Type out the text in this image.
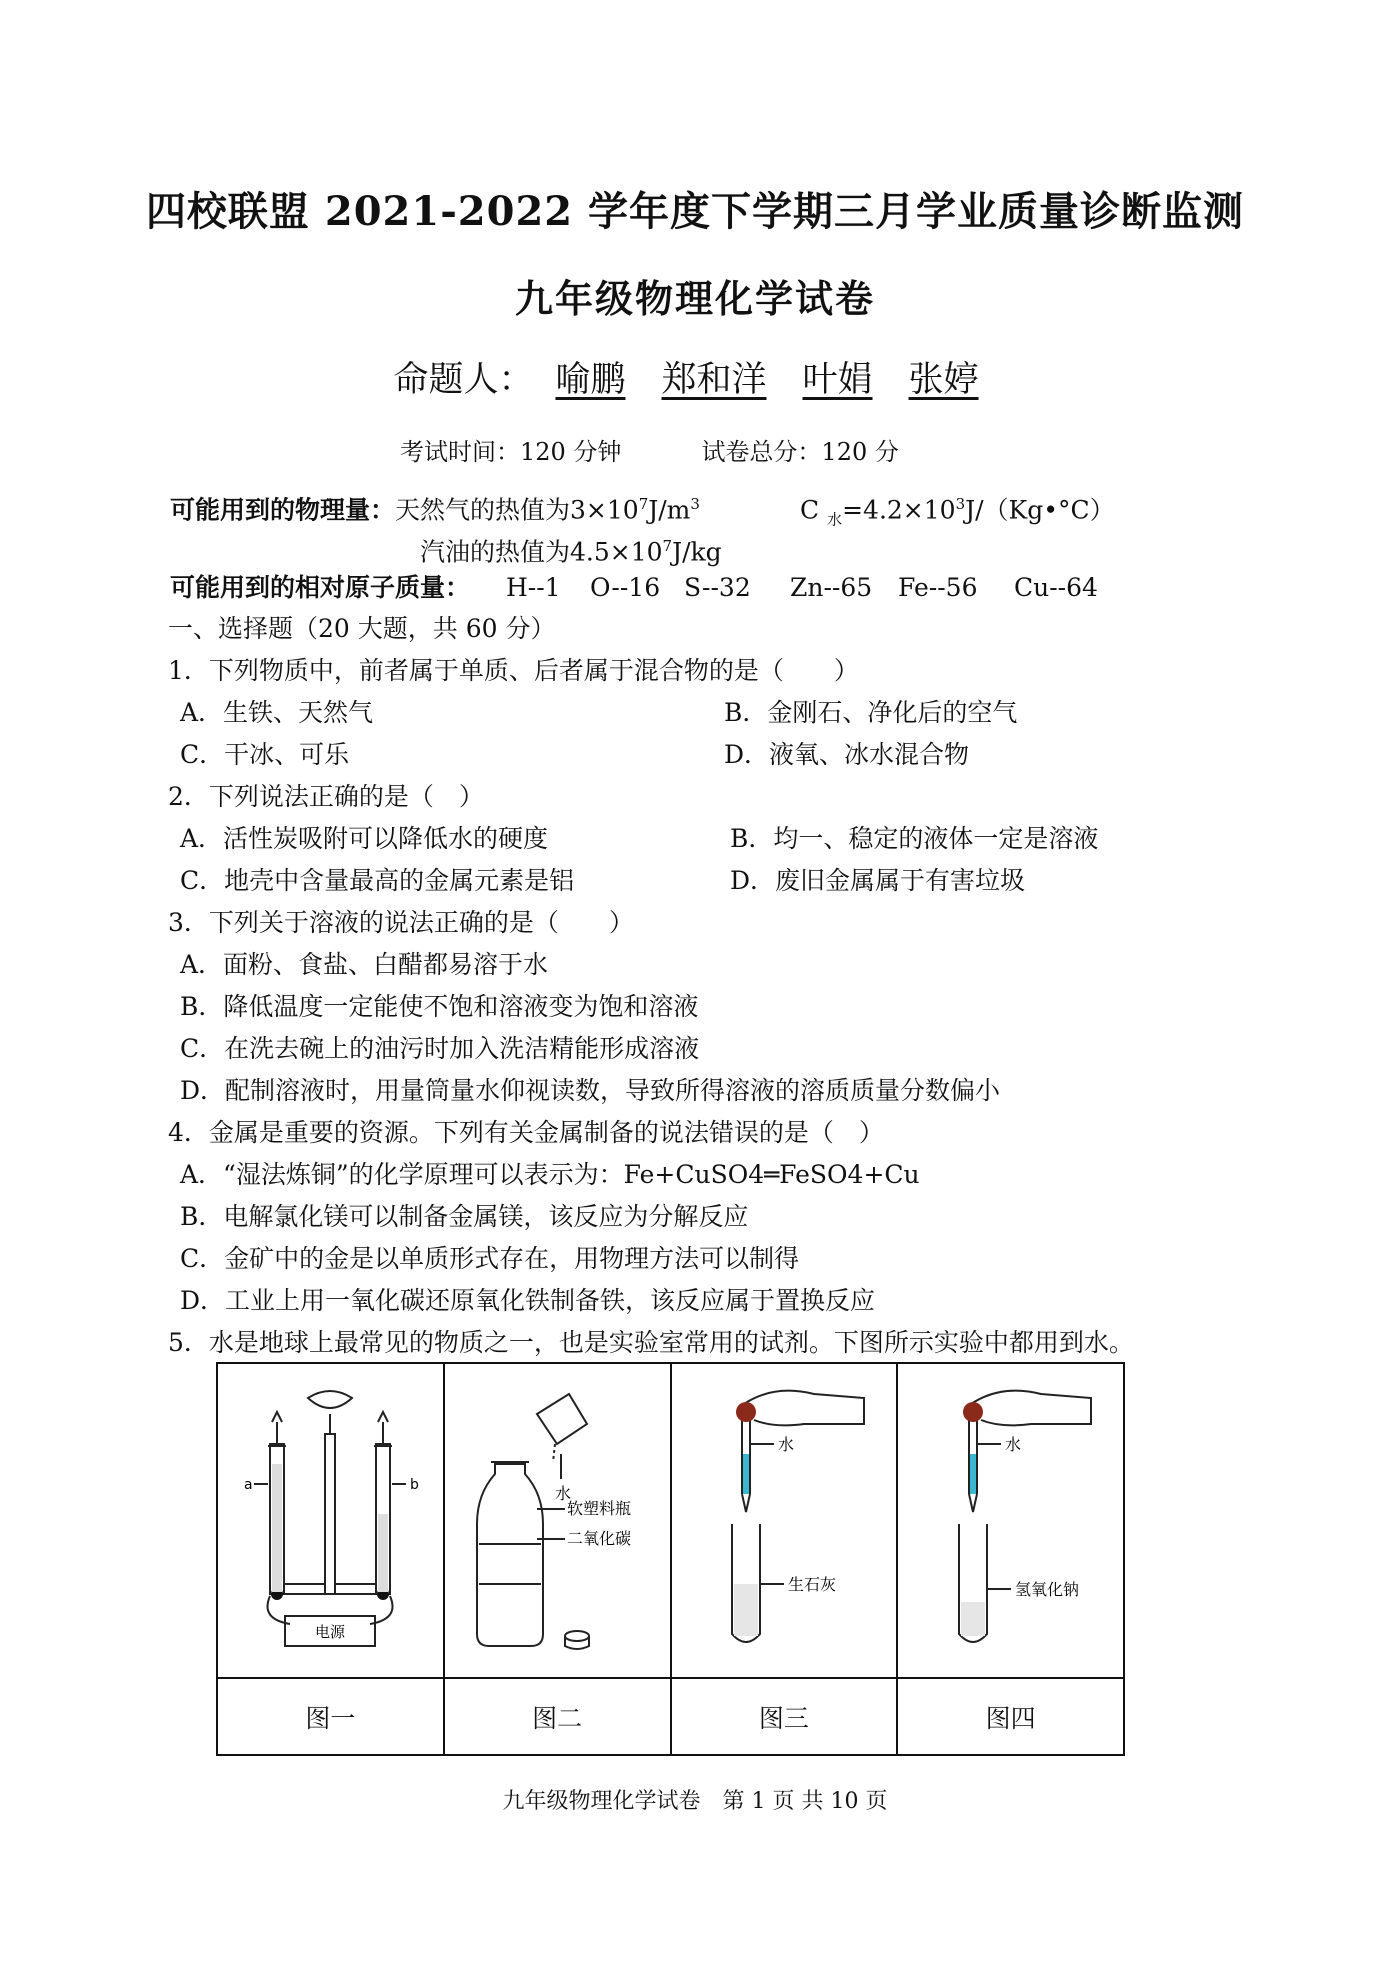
四校联盟 2021-2022 学年度下学期三月学业质量诊断监测
九年级物理化学试卷
命题人： 喻鹏 郑和洋 叶娟 张婷
考试时间：120 分钟	试卷总分：120 分
可能用到的物理量：天然气的热值为$3\times 10^7J/m^3$	C $_水=4.2\times 10^3J/(Kg•^\circ C)$
汽油的热值为$4.5\times 10^7J/kg$
可能用到的相对原子质量： H--1 O--16 S--32 Zn--65 Fe--56 Cu--64
一、选择题（20 大题，共 60 分）
1．下列物质中，前者属于单质、后者属于混合物的是（　　）
A．生铁、天然气	B．金刚石、净化后的空气
C．干冰、可乐	D．液氧、冰水混合物
2．下列说法正确的是（　）
A．活性炭吸附可以降低水的硬度	B．均一、稳定的液体一定是溶液
C．地壳中含量最高的金属元素是铝	D．废旧金属属于有害垃圾
3．下列关于溶液的说法正确的是（　　）
A．面粉、食盐、白醋都易溶于水
B．降低温度一定能使不饱和溶液变为饱和溶液
C．在洗去碗上的油污时加入洗洁精能形成溶液
D．配制溶液时，用量筒量水仰视读数，导致所得溶液的溶质质量分数偏小
4．金属是重要的资源。下列有关金属制备的说法错误的是（　）
A．“湿法炼铜”的化学原理可以表示为：Fe+CuSO4═FeSO4+Cu
B．电解氯化镁可以制备金属镁，该反应为分解反应
C．金矿中的金是以单质形式存在，用物理方法可以制得
D．工业上用一氧化碳还原氧化铁制备铁，该反应属于置换反应
5．水是地球上最常见的物质之一，也是实验室常用的试剂。下图所示实验中都用到水。
a b
电源	水
软塑料瓶
二氧化碳	水
生石灰	水
氢氧化钠

图一	图二	图三	图四
九年级物理化学试卷　第 1 页 共 10 页
